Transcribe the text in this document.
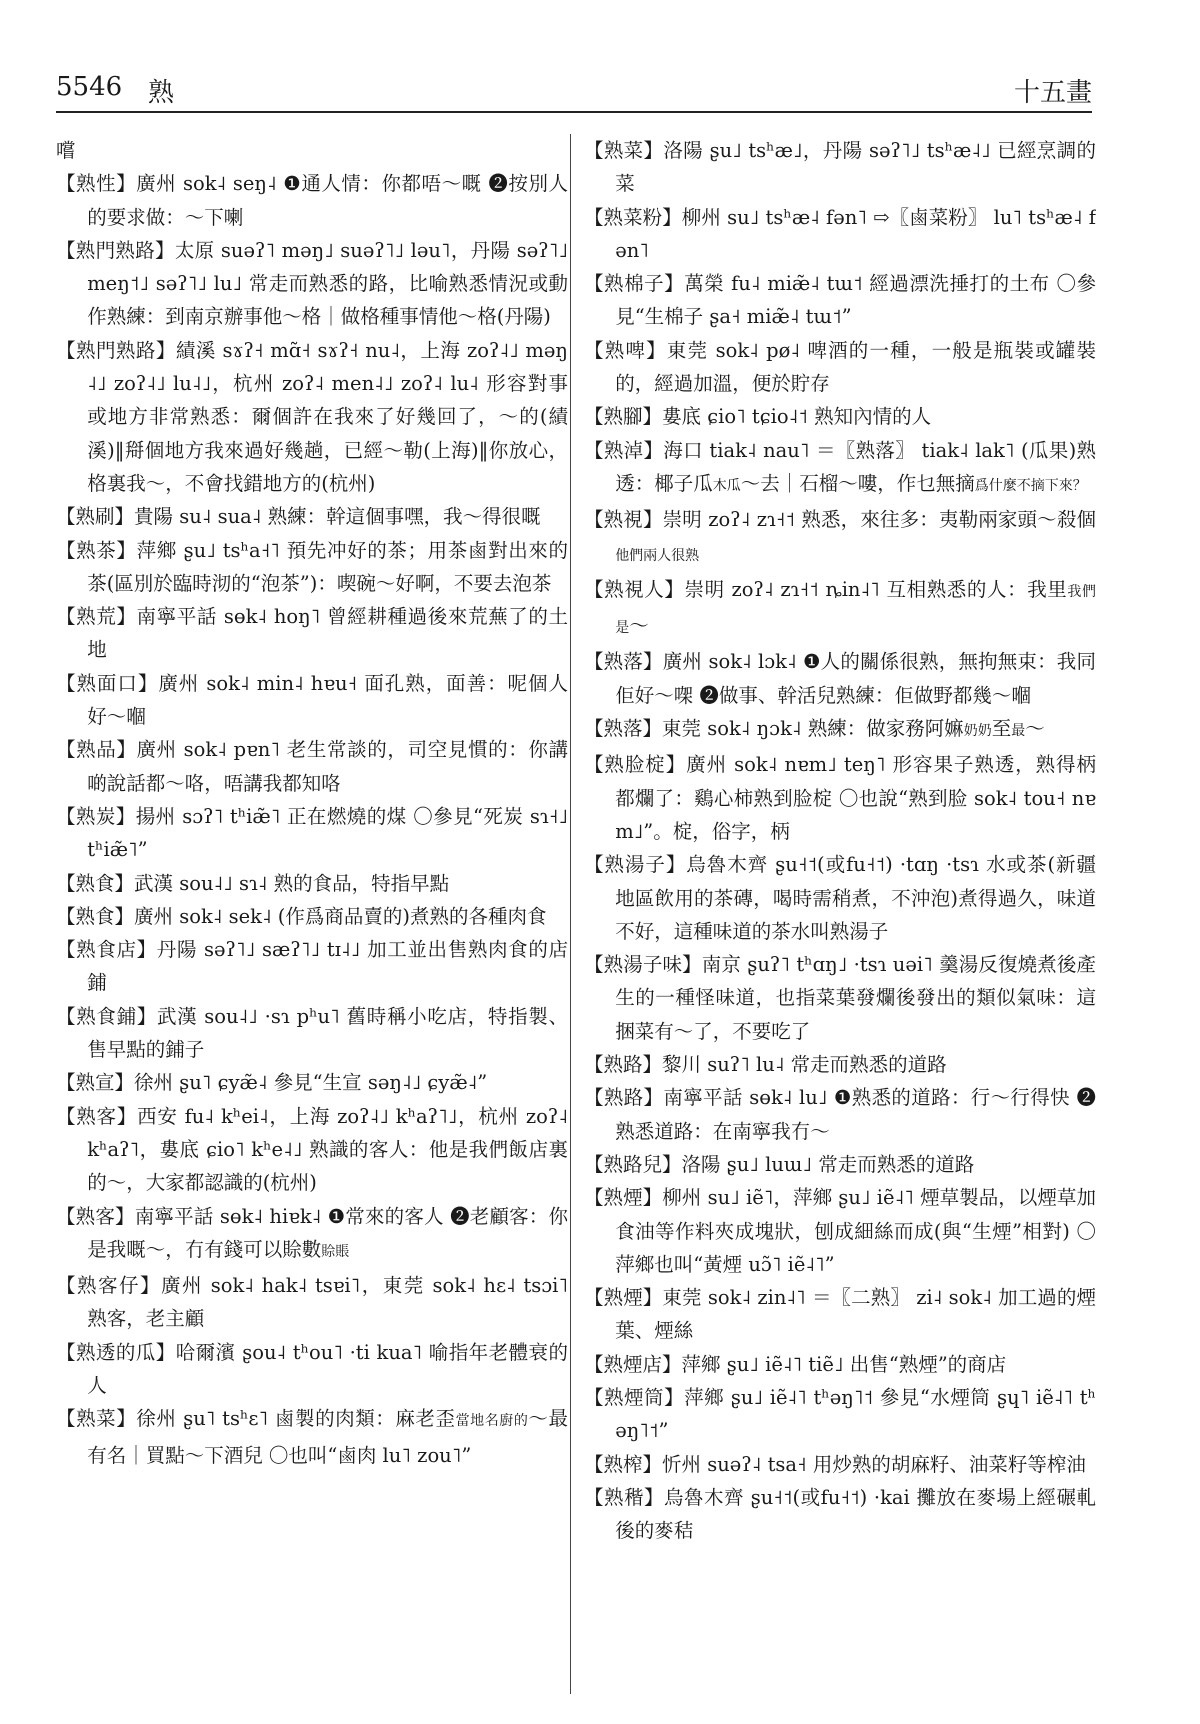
5546 熟	十五畫

嚐

【熟性】廣州 sok˨ seŋ˨ ❶通人情：你都唔～嘅 ❷按別人的要求做：～下喇

【熟門熟路】太原 suəʔ˥ məŋ˩ suəʔ˥˩ ləu˥，丹陽 səʔ˥˩ meŋ˦˩ səʔ˥˩ lu˩ 常走而熟悉的路，比喻熟悉情況或動作熟練：到南京辦事他～格｜做格種事情他～格(丹陽)

【熟門熟路】績溪 sɤʔ˧ mɑ̃˧ sɤʔ˧ nu˨，上海 zoʔ˨˩ məŋ˨˩ zoʔ˨˩ lu˨˩，杭州 zoʔ˨ men˨˩ zoʔ˨ lu˨ 形容對事或地方非常熟悉：爾個許在我來了好幾回了，～的(績溪)‖搿個地方我來過好幾趟，已經～勒(上海)‖你放心，格裏我～，不會找錯地方的(杭州)

【熟刷】貴陽 su˨ sua˨ 熟練：幹這個事嘿，我～得很嘅

【熟茶】萍鄉 ʂu˩ tsʰa˧˥ 預先冲好的茶；用茶鹵對出來的茶(區別於臨時沏的“泡茶”)：喫碗～好啊，不要去泡茶

【熟荒】南寧平話 sɵk˨ hoŋ˥ 曾經耕種過後來荒蕪了的土地

【熟面口】廣州 sok˨ min˨ hɐu˧ 面孔熟，面善：呢個人好～嗰

【熟品】廣州 sok˨ pɐn˥ 老生常談的，司空見慣的：你講啲說話都～咯，唔講我都知咯

【熟炭】揚州 sɔʔ˥ tʰiæ̃˥ 正在燃燒的煤 〇參見“死炭 sɿ˧˩ tʰiæ̃˥”

【熟食】武漢 sou˨˩ sɿ˨ 熟的食品，特指早點

【熟食】廣州 sok˨ sek˨ (作爲商品賣的)煮熟的各種肉食

【熟食店】丹陽 səʔ˥˩ sæʔ˥˩ tɪ˨˩ 加工並出售熟肉食的店鋪

【熟食鋪】武漢 sou˨˩ ·sɿ pʰu˥ 舊時稱小吃店，特指製、售早點的鋪子

【熟宣】徐州 ʂu˥ ɕyæ̃˨ 參見“生宣 səŋ˨˩ ɕyæ̃˨”

【熟客】西安 fu˨ kʰei˨，上海 zoʔ˨˩ kʰaʔ˥˩，杭州 zoʔ˨ kʰaʔ˥，婁底 ɕio˥ kʰe˨˩ 熟識的客人：他是我們飯店裏的～，大家都認識的(杭州)

【熟客】南寧平話 sɵk˨ hiɐk˨ ❶常來的客人 ❷老顧客：你是我嘅～，冇有錢可以賒數賒賬

【熟客仔】廣州 sok˨ hak˨ tsɐi˥，東莞 sok˨ hɛ˨ tsɔi˥ 熟客，老主顧

【熟透的瓜】哈爾濱 ʂou˨ tʰou˥ ·ti kua˥ 喻指年老體衰的人

【熟菜】徐州 ʂu˥ tsʰɛ˥ 鹵製的肉類：麻老歪當地名廚的～最有名｜買點～下酒兒 〇也叫“鹵肉 lu˥ zou˥”

【熟菜】洛陽 ʂu˩ tsʰæ˩，丹陽 səʔ˥˩ tsʰæ˨˩ 已經烹調的菜

【熟菜粉】柳州 su˩ tsʰæ˨ fən˥ ⇨〖鹵菜粉〗 lu˥ tsʰæ˨ fən˥

【熟棉子】萬榮 fu˨ miæ̃˨ tɯ˦ 經過漂洗捶打的土布 〇參見“生棉子 ʂa˧ miæ̃˨ tɯ˦”

【熟啤】東莞 sok˨ pø˨ 啤酒的一種，一般是瓶裝或罐裝的，經過加溫，便於貯存

【熟腳】婁底 ɕio˥ tɕio˨˦ 熟知內情的人

【熟淖】海口 tiak˨ nau˥ ＝〖熟落〗 tiak˨ lak˥ (瓜果)熟透：椰子瓜木瓜～去｜石榴～嘍，作乜無摘爲什麼不摘下來？

【熟視】崇明 zoʔ˨ zɿ˧˦ 熟悉，來往多：夷勒兩家頭～殺個他們兩人很熟

【熟視人】崇明 zoʔ˨ zɿ˧˦ ȵin˨˥ 互相熟悉的人：我里我們是～

【熟落】廣州 sok˨ lɔk˨ ❶人的關係很熟，無拘無束：我同佢好～㗎 ❷做事、幹活兒熟練：佢做野都幾～嗰

【熟落】東莞 sok˨ ŋɔk˨ 熟練：做家務阿嫲奶奶至最～

【熟脸椗】廣州 sok˨ nɐm˩ teŋ˥ 形容果子熟透，熟得柄都爛了：鷄心柿熟到脸椗 〇也說“熟到脸 sok˨ tou˧ nɐm˩”。椗，俗字，柄

【熟湯子】烏魯木齊 ʂu˧˦(或fu˧˦) ·tɑŋ ·tsɿ 水或茶(新疆地區飲用的茶磚，喝時需稍煮，不沖泡)煮得過久，味道不好，這種味道的茶水叫熟湯子

【熟湯子味】南京 ʂuʔ˥ tʰɑŋ˩ ·tsɿ uəi˥ 羹湯反復燒煮後產生的一種怪味道，也指菜葉發爛後發出的類似氣味：這捆菜有～了，不要吃了

【熟路】黎川 suʔ˥ lu˨ 常走而熟悉的道路

【熟路】南寧平話 sɵk˨ lu˩ ❶熟悉的道路：行～行得快 ❷熟悉道路：在南寧我冇～

【熟路兒】洛陽 ʂu˩ luɯ˩ 常走而熟悉的道路

【熟煙】柳州 su˩ iẽ˥，萍鄉 ʂu˩ iẽ˨˥ 煙草製品，以煙草加食油等作料夾成塊狀，刨成細絲而成(與“生煙”相對) 〇萍鄉也叫“黃煙 uɔ̃˥ iẽ˨˥”

【熟煙】東莞 sok˨ zin˨˥ ＝〖二熟〗 zi˨ sok˨ 加工過的煙葉、煙絲

【熟煙店】萍鄉 ʂu˩ iẽ˨˥ tiẽ˩ 出售“熟煙”的商店

【熟煙筒】萍鄉 ʂu˩ iẽ˨˥ tʰəŋ˥˦ 參見“水煙筒 ʂɥ˥ iẽ˨˥ tʰəŋ˥˦”

【熟榨】忻州 suəʔ˨ tsa˧ 用炒熟的胡麻籽、油菜籽等榨油

【熟稭】烏魯木齊 ʂu˧˦(或fu˧˦) ·kai 攤放在麥場上經碾軋後的麥秸
